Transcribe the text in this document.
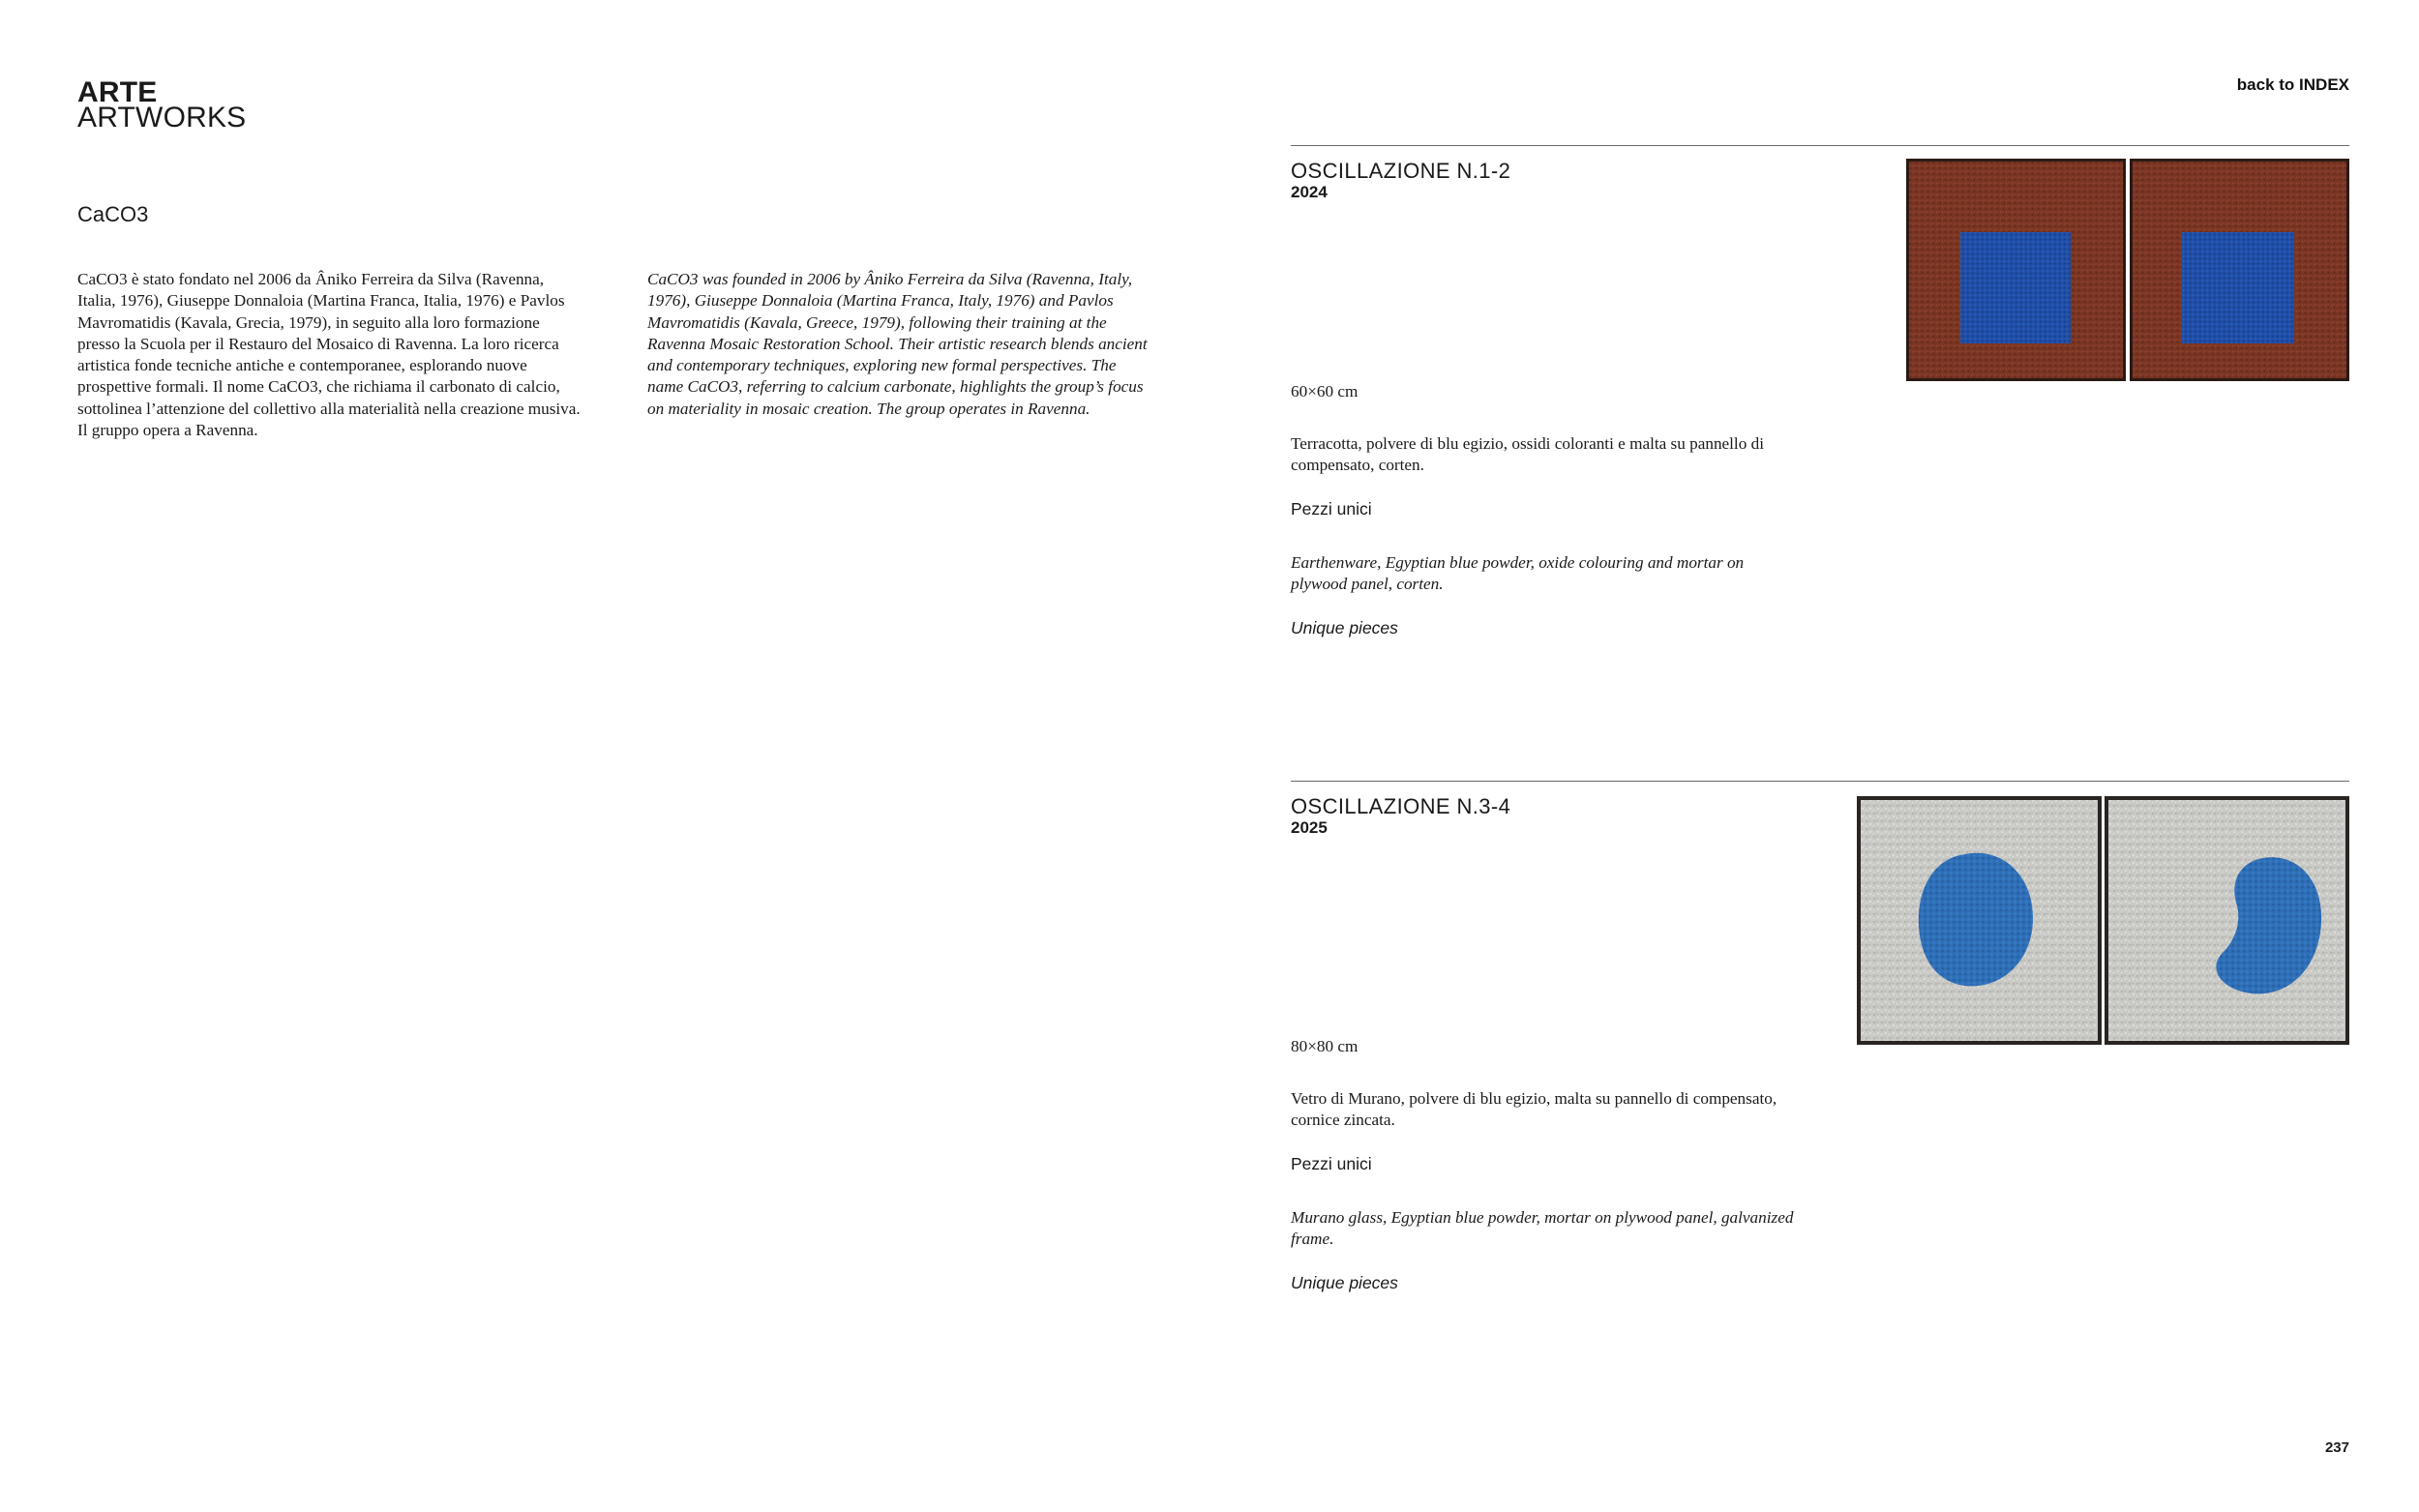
ARTE
ARTWORKS
CaCO3

CaCO3 è stato fondato nel 2006 da Âniko Ferreira da Silva (Ravenna, Italia, 1976), Giuseppe Donnaloia (Martina Franca, Italia, 1976) e Pavlos Mavromatidis (Kavala, Grecia, 1979), in seguito alla loro formazione presso la Scuola per il Restauro del Mosaico di Ravenna. La loro ricerca artistica fonde tecniche antiche e contemporanee, esplorando nuove prospettive formali. Il nome CaCO3, che richiama il carbonato di calcio, sottolinea l’attenzione del collettivo alla materialità nella creazione musiva. Il gruppo opera a Ravenna.

CaCO3 was founded in 2006 by Âniko Ferreira da Silva (Ravenna, Italy, 1976), Giuseppe Donnaloia (Martina Franca, Italy, 1976) and Pavlos Mavromatidis (Kavala, Greece, 1979), following their training at the Ravenna Mosaic Restoration School. Their artistic research blends ancient and contemporary techniques, exploring new formal perspectives. The name CaCO3, referring to calcium carbonate, highlights the group’s focus on materiality in mosaic creation. The group operates in Ravenna.

back to INDEX
OSCILLAZIONE N.1-2
2024
60×60 cm

Terracotta, polvere di blu egizio, ossidi coloranti e malta su pannello di compensato, corten.

Pezzi unici

Earthenware, Egyptian blue powder, oxide colouring and mortar on plywood panel, corten.

Unique pieces
OSCILLAZIONE N.3-4
2025
80×80 cm

Vetro di Murano, polvere di blu egizio, malta su pannello di compensato, cornice zincata.

Pezzi unici

Murano glass, Egyptian blue powder, mortar on plywood panel, galvanized frame.

Unique pieces
237
